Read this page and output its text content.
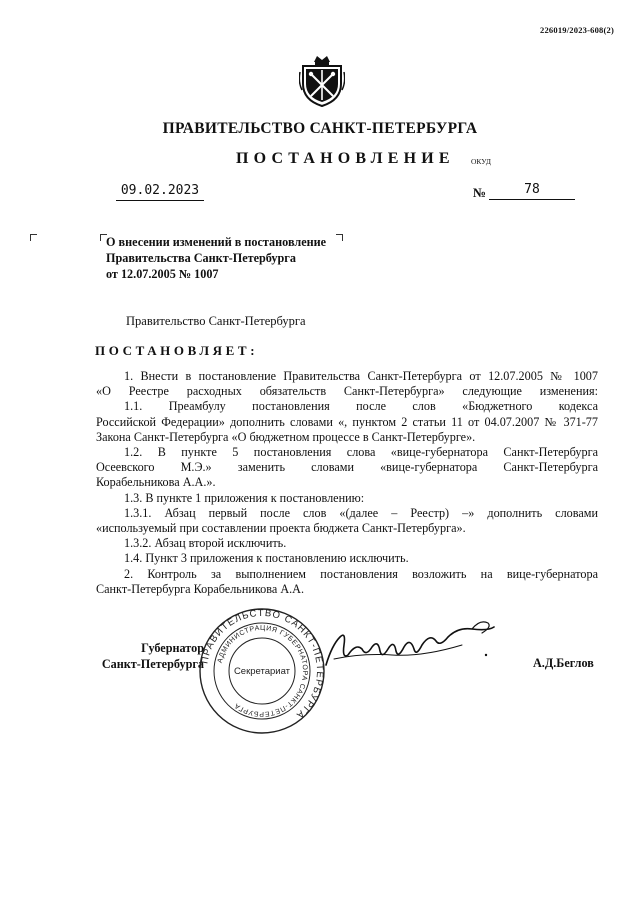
226019/2023-608(2)
ПРАВИТЕЛЬСТВО САНКТ-ПЕТЕРБУРГА
ПОСТАНОВЛЕНИЕ ОКУД
09.02.2023	№	78
О внесении изменений в постановление
Правительства Санкт-Петербурга
от 12.07.2005 № 1007
Правительство Санкт-Петербурга
ПОСТАНОВЛЯЕТ:

1. Внести в постановление Правительства Санкт-Петербурга от 12.07.2005 № 1007

«О Реестре расходных обязательств Санкт-Петербурга» следующие изменения:

1.1. Преамбулу постановления после слов «Бюджетного кодекса

Российской Федерации» дополнить словами «, пунктом 2 статьи 11 от 04.07.2007 № 371-77

Закона Санкт-Петербурга «О бюджетном процессе в Санкт-Петербурге».

1.2. В пункте 5 постановления слова «вице-губернатора Санкт-Петербурга

Осеевского М.Э.» заменить словами «вице-губернатора Санкт-Петербурга

Корабельникова А.А.».

1.3. В пункте 1 приложения к постановлению:

1.3.1. Абзац первый после слов «(далее – Реестр) –» дополнить словами

«используемый при составлении проекта бюджета Санкт-Петербурга».

1.3.2. Абзац второй исключить.

1.4. Пункт 3 приложения к постановлению исключить.

2. Контроль за выполнением постановления возложить на вице-губернатора

Санкт-Петербурга Корабельникова А.А.

Губернатор
Санкт-Петербурга
ПРАВИТЕЛЬСТВО САНКТ-ПЕТЕРБУРГА
АДМИНИСТРАЦИЯ ГУБЕРНАТОРА САНКТ-ПЕТЕРБУРГА
Секретариат
А.Д.Беглов
